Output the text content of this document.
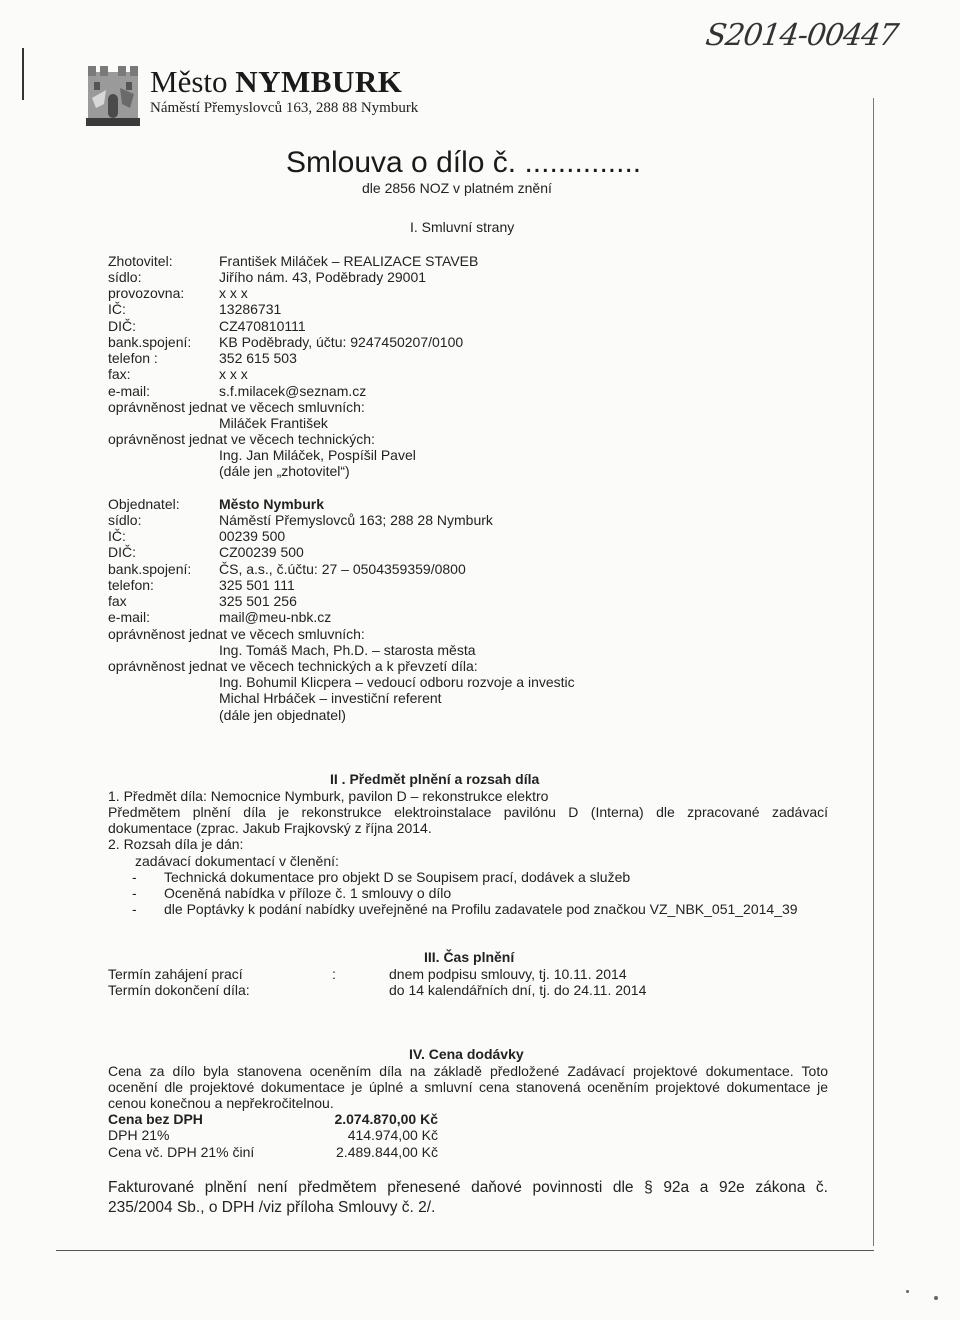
S2014-00447
Město NYMBURK
Náměstí Přemyslovců 163, 288 88 Nymburk
Smlouva o dílo č. ..............
dle 2856 NOZ v platném znění
I. Smluvní strany
Zhotovitel:	František Miláček – REALIZACE STAVEB
sídlo:	Jiřího nám. 43, Poděbrady 29001
provozovna: x x x
IČ:	13286731
DIČ:	CZ470810111
bank.spojení: KB Poděbrady, účtu: 9247450207/0100
telefon :	352 615 503
fax:	x x x
e-mail:	s.f.milacek@seznam.cz
oprávněnost jednat ve věcech smluvních:
Miláček František
oprávněnost jednat ve věcech technických:
Ing. Jan Miláček, Pospíšil Pavel
(dále jen „zhotovitel“)
Objednatel:	Město Nymburk
sídlo:	Náměstí Přemyslovců 163; 288 28 Nymburk
IČ:	00239 500
DIČ:	CZ00239 500
bank.spojení: ČS, a.s., č.účtu: 27 – 0504359359/0800
telefon:	325 501 111
fax	325 501 256
e-mail:	mail@meu-nbk.cz
oprávněnost jednat ve věcech smluvních:
Ing. Tomáš Mach, Ph.D. – starosta města
oprávněnost jednat ve věcech technických a k převzetí díla:
Ing. Bohumil Klicpera – vedoucí odboru rozvoje a investic
Michal Hrbáček – investiční referent
(dále jen objednatel)
II . Předmět plnění a rozsah díla
1. Předmět díla: Nemocnice Nymburk, pavilon D – rekonstrukce elektro
Předmětem plnění díla je rekonstrukce elektroinstalace pavilónu D (Interna) dle zpracované zadávací
dokumentace (zprac. Jakub Frajkovský z října 2014.
2. Rozsah díla je dán:
zadávací dokumentací v členění:
- Technická dokumentace pro objekt D se Soupisem prací, dodávek a služeb
- Oceněná nabídka v příloze č. 1 smlouvy o dílo
- dle Poptávky k podání nabídky uveřejněné na Profilu zadavatele pod značkou VZ_NBK_051_2014_39
III. Čas plnění
Termín zahájení prací	:	dnem podpisu smlouvy, tj. 10.11. 2014
Termín dokončení díla:	do 14 kalendářních dní, tj. do 24.11. 2014
IV. Cena dodávky
Cena za dílo byla stanovena oceněním díla na základě předložené Zadávací projektové dokumentace. Toto
ocenění dle projektové dokumentace je úplné a smluvní cena stanovená oceněním projektové dokumentace je
cenou konečnou a nepřekročitelnou.
Cena bez DPH	2.074.870,00 Kč
DPH 21%	414.974,00 Kč
Cena vč. DPH 21% činí	2.489.844,00 Kč
Fakturované plnění není předmětem přenesené daňové povinnosti dle § 92a a 92e zákona č.
235/2004 Sb., o DPH /viz příloha Smlouvy č. 2/.
